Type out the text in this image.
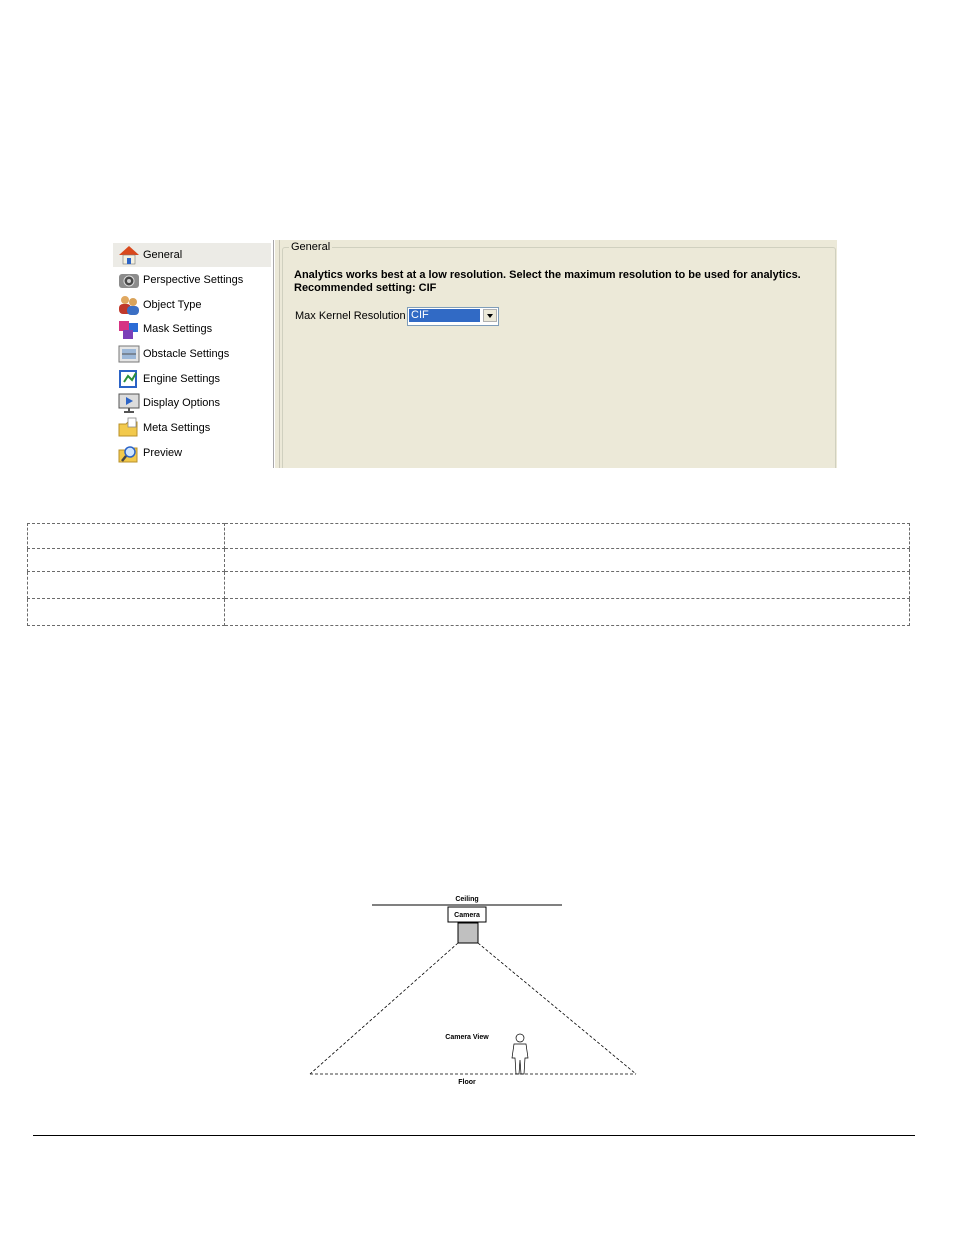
General
Perspective Settings
Object Type
Mask Settings
Obstacle Settings
Engine Settings
Display Options
Meta Settings
Preview
General
Analytics works best at a low resolution. Select the maximum resolution to be used for analytics.
Recommended setting: CIF
Max Kernel Resolution CIF

Ceiling
Camera
Camera View
Floor
